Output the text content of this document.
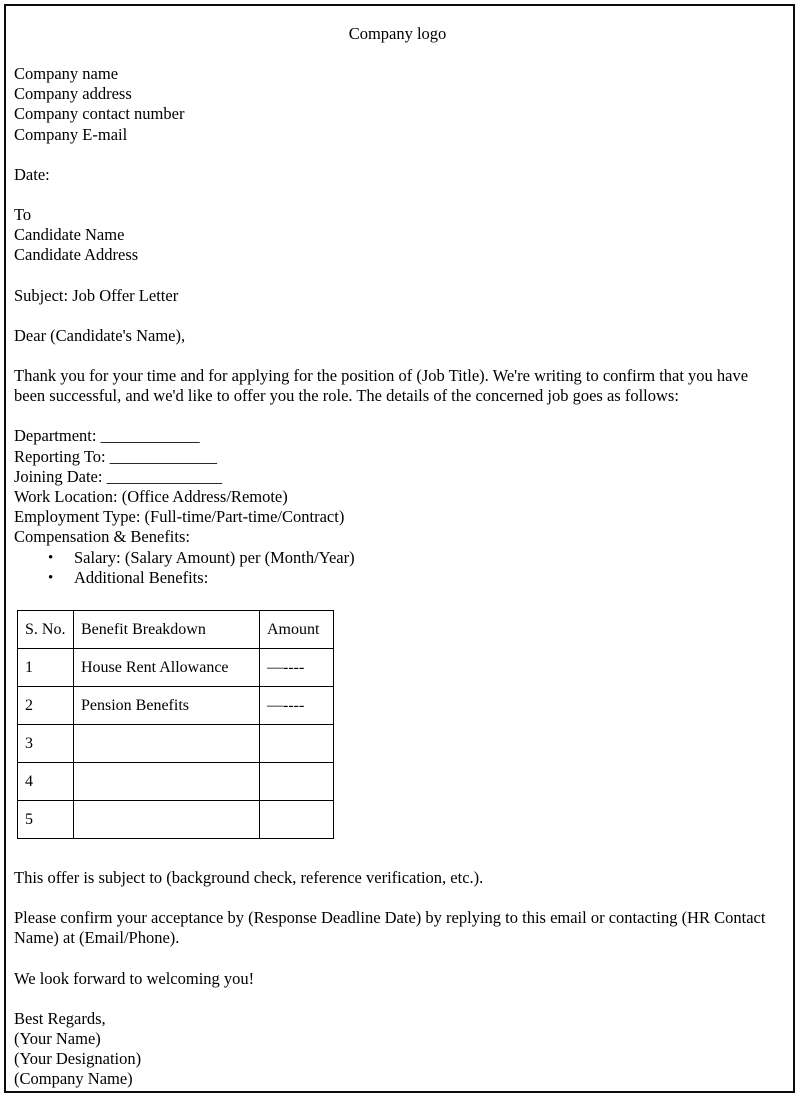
Company logo
Company name
Company address
Company contact number
Company E-mail
Date:
To
Candidate Name
Candidate Address
Subject: Job Offer Letter
Dear (Candidate's Name),

Thank you for your time and for applying for the position of (Job Title). We're writing to confirm that you have been successful, and we'd like to offer you the role. The details of the concerned job goes as follows:

Department: ____________
Reporting To: _____________
Joining Date: ______________
Work Location: (Office Address/Remote)
Employment Type: (Full-time/Part-time/Contract)
Compensation & Benefits:
• Salary: (Salary Amount) per (Month/Year)
• Additional Benefits:
S. No.	Benefit Breakdown	Amount
1	House Rent Allowance	—----
2	Pension Benefits	—----
3		
4		
5		

This offer is subject to (background check, reference verification, etc.).

Please confirm your acceptance by (Response Deadline Date) by replying to this email or contacting (HR Contact Name) at (Email/Phone).

We look forward to welcoming you!

Best Regards,
(Your Name)
(Your Designation)
(Company Name)
